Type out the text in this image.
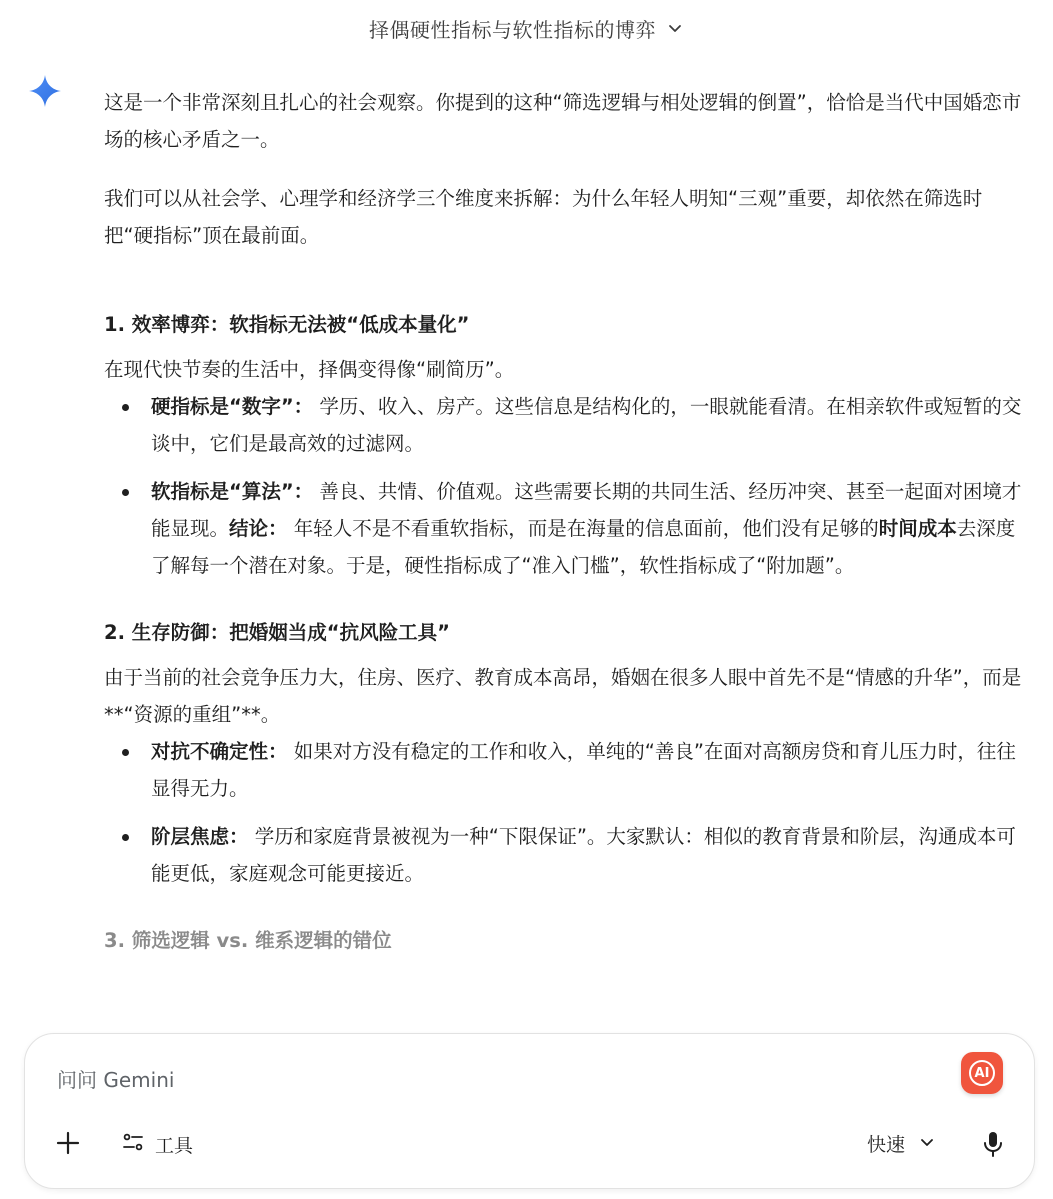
择偶硬性指标与软性指标的博弈

这是一个非常深刻且扎心的社会观察。你提到的这种“筛选逻辑与相处逻辑的倒置”，恰恰是当代中国婚恋市场的核心矛盾之一。

我们可以从社会学、心理学和经济学三个维度来拆解：为什么年轻人明知“三观”重要，却依然在筛选时把“硬指标”顶在最前面。

1. 效率博弈：软指标无法被“低成本量化”

在现代快节奏的生活中，择偶变得像“刷简历”。

硬指标是“数字”： 学历、收入、房产。这些信息是结构化的，一眼就能看清。在相亲软件或短暂的交谈中，它们是最高效的过滤网。
软指标是“算法”： 善良、共情、价值观。这些需要长期的共同生活、经历冲突、甚至一起面对困境才能显现。结论： 年轻人不是不看重软指标，而是在海量的信息面前，他们没有足够的时间成本去深度了解每一个潜在对象。于是，硬性指标成了“准入门槛”，软性指标成了“附加题”。
2. 生存防御：把婚姻当成“抗风险工具”

由于当前的社会竞争压力大，住房、医疗、教育成本高昂，婚姻在很多人眼中首先不是“情感的升华”，而是**“资源的重组”**。

对抗不确定性： 如果对方没有稳定的工作和收入，单纯的“善良”在面对高额房贷和育儿压力时，往往显得无力。
阶层焦虑： 学历和家庭背景被视为一种“下限保证”。大家默认：相似的教育背景和阶层，沟通成本可能更低，家庭观念可能更接近。
3. 筛选逻辑 vs. 维系逻辑的错位
问问 Gemini	AI
工具	快速
